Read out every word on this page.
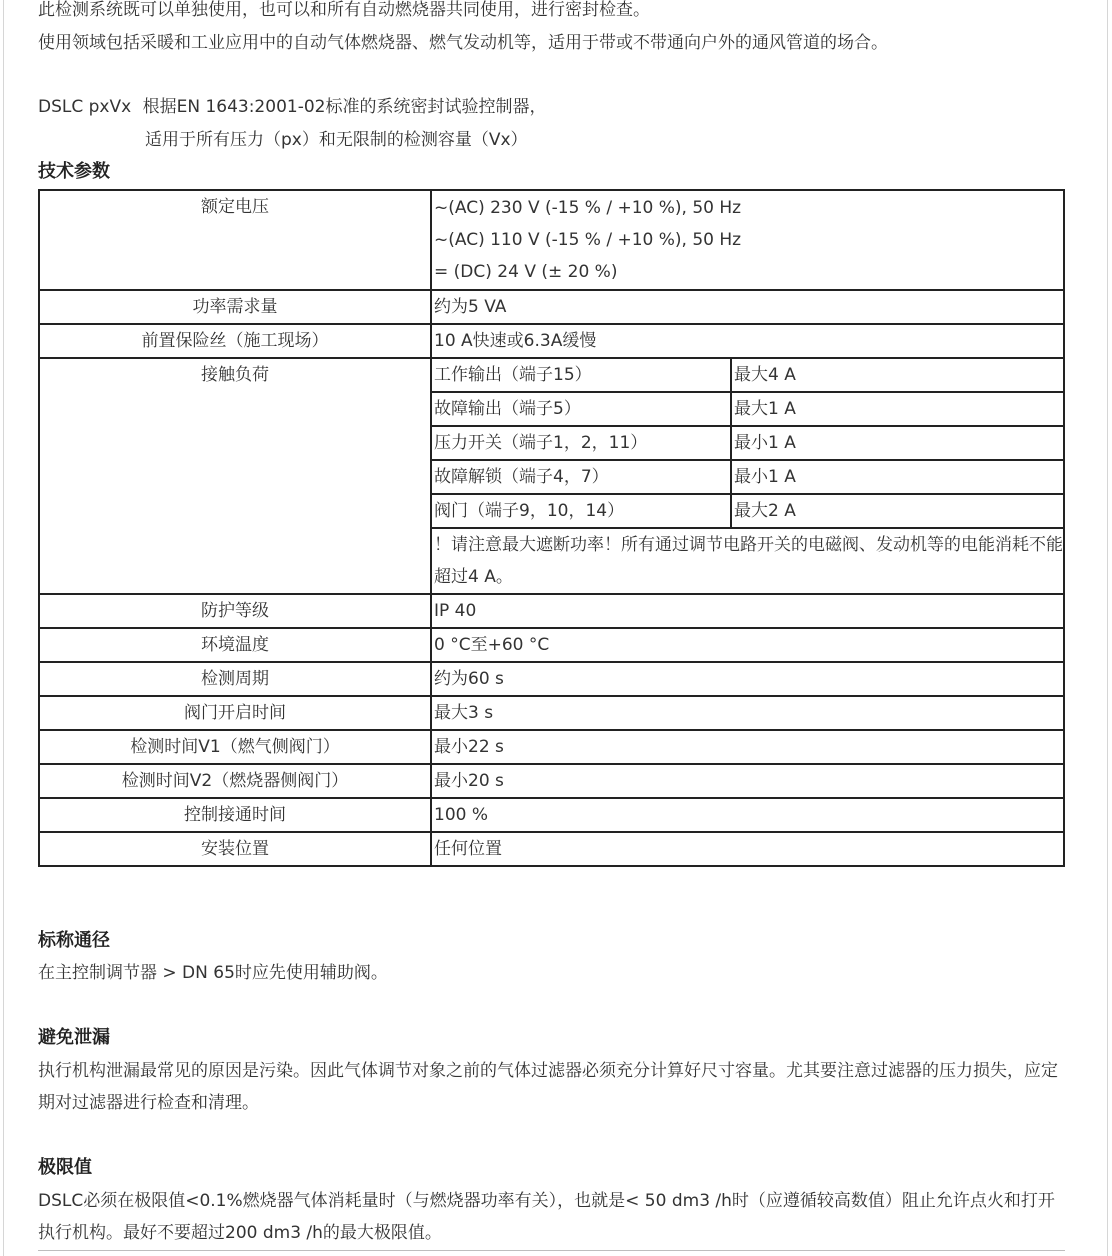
此检测系统既可以单独使用，也可以和所有自动燃烧器共同使用，进行密封检查。

使用领域包括采暖和工业应用中的自动气体燃烧器、燃气发动机等，适用于带或不带通向户外的通风管道的场合。

DSLC pxVx 根据EN 1643:2001-02标准的系统密封试验控制器，

适用于所有压力（px）和无限制的检测容量（Vx）

技术参数
额定电压	~(AC) 230 V (-15 % / +10 %), 50 Hz
~(AC) 110 V (-15 % / +10 %), 50 Hz
= (DC) 24 V (± 20 %)	

功率需求量	约为5 VA	
前置保险丝（施工现场）	10 A快速或6.3A缓慢	
接触负荷	工作输出（端子15）	最大4 A
	故障输出（端子5）	最大1 A
	压力开关（端子1，2，11）	最小1 A
	故障解锁（端子4，7）	最小1 A
	阀门（端子9，10，14）	最大2 A
	！请注意最大遮断功率！所有通过调节电路开关的电磁阀、发动机等的电能消耗不能超过4 A。	
防护等级	IP 40	
环境温度	0 °C至+60 °C	
检测周期	约为60 s	
阀门开启时间	最大3 s	
检测时间V1（燃气侧阀门）	最小22 s	
检测时间V2（燃烧器侧阀门）	最小20 s	
控制接通时间	100 %	
安装位置	任何位置	
标称通径

在主控制调节器 > DN 65时应先使用辅助阀。

避免泄漏

执行机构泄漏最常见的原因是污染。因此气体调节对象之前的气体过滤器必须充分计算好尺寸容量。尤其要注意过滤器的压力损失，应定期对过滤器进行检查和清理。

极限值

DSLC必须在极限值<0.1%燃烧器气体消耗量时（与燃烧器功率有关），也就是< 50 dm3 /h时（应遵循较高数值）阻止允许点火和打开执行机构。最好不要超过200 dm3 /h的最大极限值。
